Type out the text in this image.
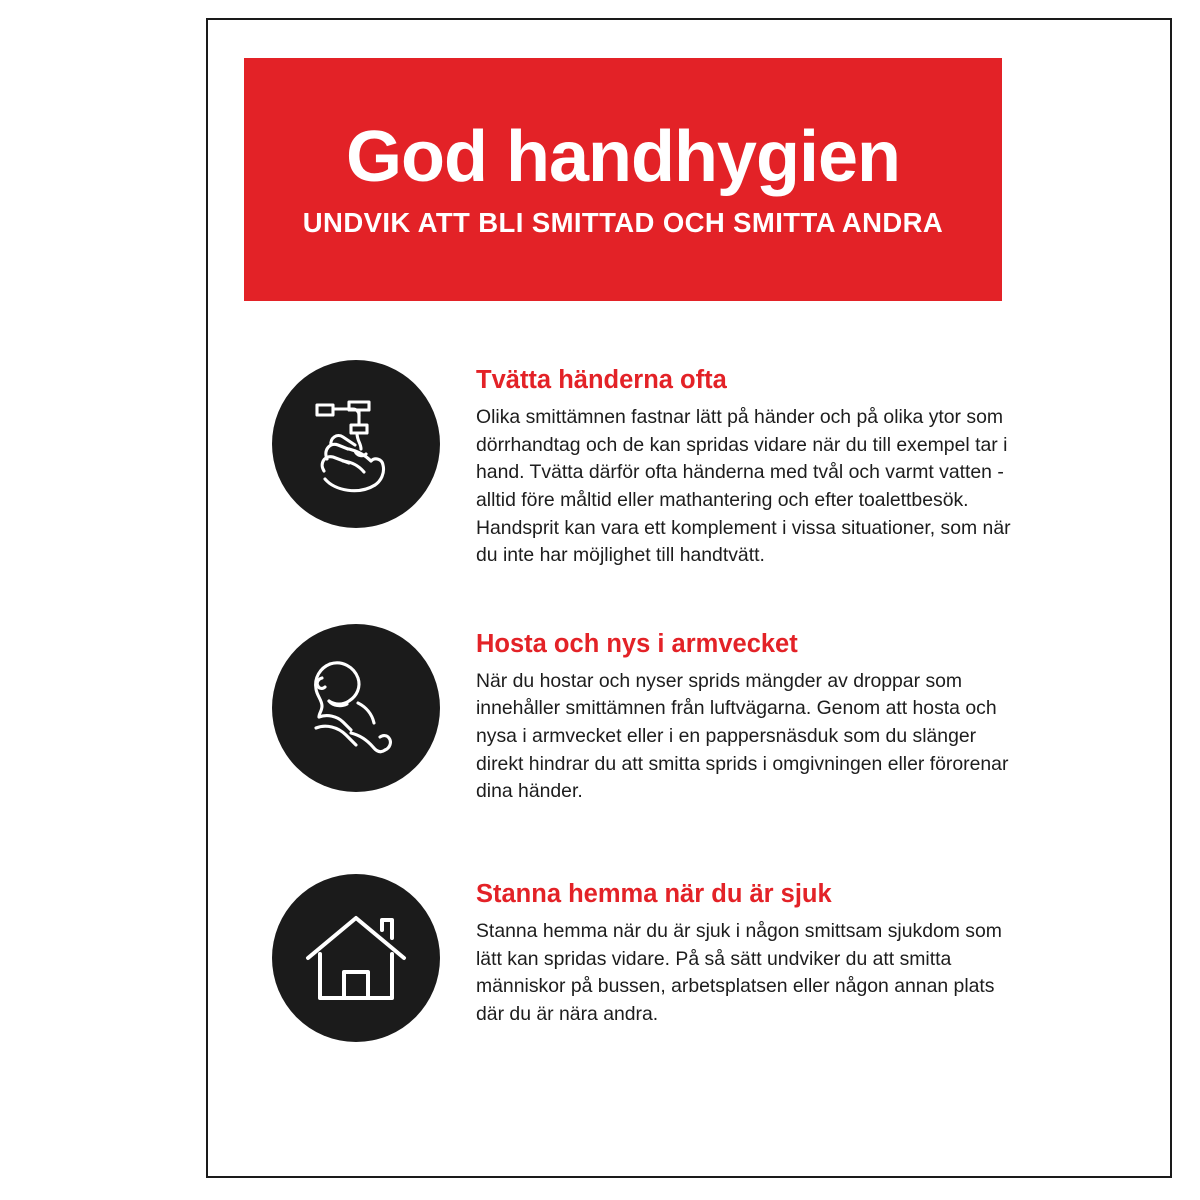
God handhygien
UNDVIK ATT BLI SMITTAD OCH SMITTA ANDRA
Tvätta händerna ofta
Olika smittämnen fastnar lätt på händer och på olika ytor som dörrhandtag och de kan spridas vidare när du till exempel tar i hand. Tvätta därför ofta händerna med tvål och varmt vatten - alltid före måltid eller mathantering och efter toalettbesök. Handsprit kan vara ett komplement i vissa situationer, som när du inte har möjlighet till handtvätt.
Hosta och nys i armvecket
När du hostar och nyser sprids mängder av droppar som innehåller smittämnen från luftvägarna. Genom att hosta och nysa i armvecket eller i en pappersnäsduk som du slänger direkt hindrar du att smitta sprids i omgivningen eller förorenar dina händer.
Stanna hemma när du är sjuk
Stanna hemma när du är sjuk i någon smittsam sjukdom som lätt kan spridas vidare. På så sätt undviker du att smitta människor på bussen, arbetsplatsen eller någon annan plats där du är nära andra.
